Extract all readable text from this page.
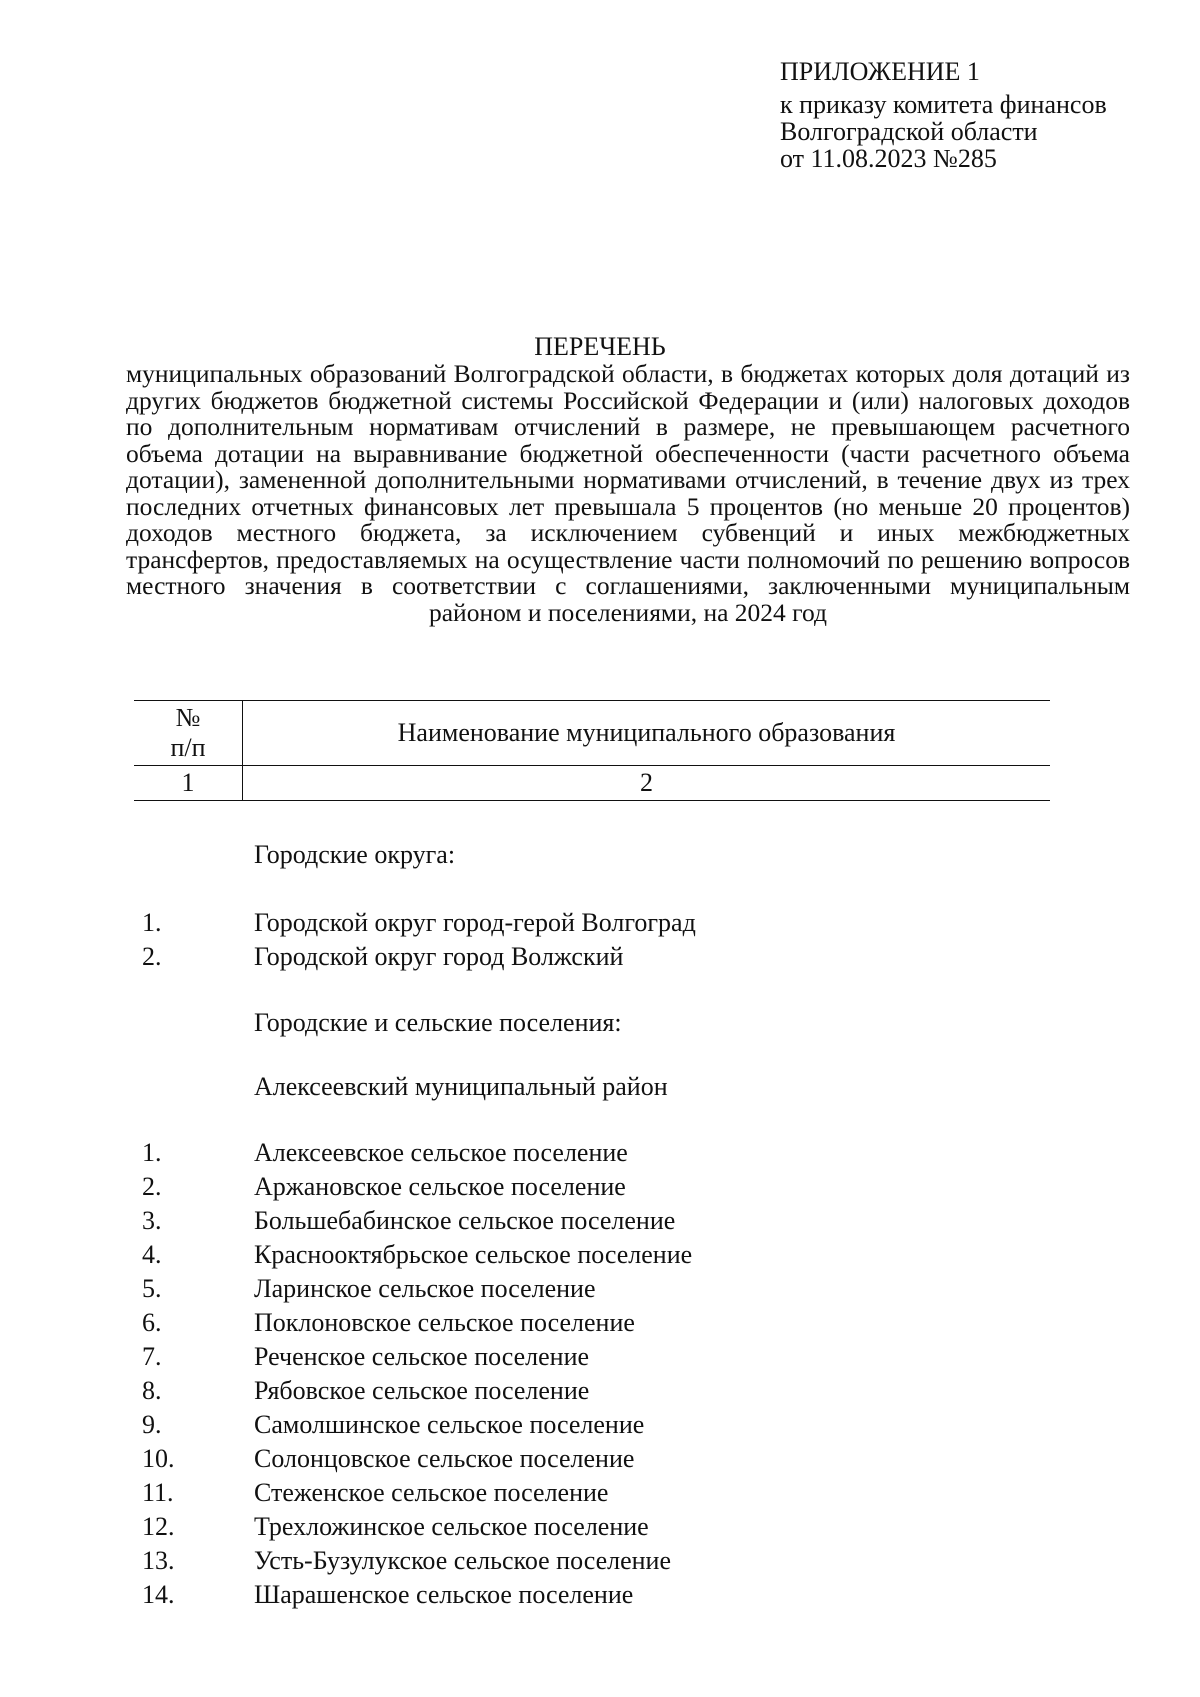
ПРИЛОЖЕНИЕ 1
к приказу комитета финансов
Волгоградской области
от 11.08.2023 №285
ПЕРЕЧЕНЬ
муниципальных образований Волгоградской области, в бюджетах которых доля дотаций из других бюджетов бюджетной системы Российской Федерации и (или) налоговых доходов по дополнительным нормативам отчислений в размере, не превышающем расчетного объема дотации на выравнивание бюджетной обеспеченности (части расчетного объема дотации), замененной дополнительными нормативами отчислений, в течение двух из трех последних отчетных финансовых лет превышала 5 процентов (но меньше 20 процентов) доходов местного бюджета, за исключением субвенций и иных межбюджетных трансфертов, предоставляемых на осуществление части полномочий по решению вопросов местного значения в соответствии с соглашениями, заключенными муниципальным районом и поселениями, на 2024 год
№
п/п	Наименование муниципального образования
1	2
Городские округа:
1.	Городской округ город-герой Волгоград
2.	Городской округ город Волжский
Городские и сельские поселения:
Алексеевский муниципальный район
1.	Алексеевское сельское поселение
2.	Аржановское сельское поселение
3.	Большебабинское сельское поселение
4.	Краснооктябрьское сельское поселение
5.	Ларинское сельское поселение
6.	Поклоновское сельское поселение
7.	Реченское сельское поселение
8.	Рябовское сельское поселение
9.	Самолшинское сельское поселение
10.	Солонцовское сельское поселение
11.	Стеженское сельское поселение
12.	Трехложинское сельское поселение
13.	Усть-Бузулукское сельское поселение
14.	Шарашенское сельское поселение
